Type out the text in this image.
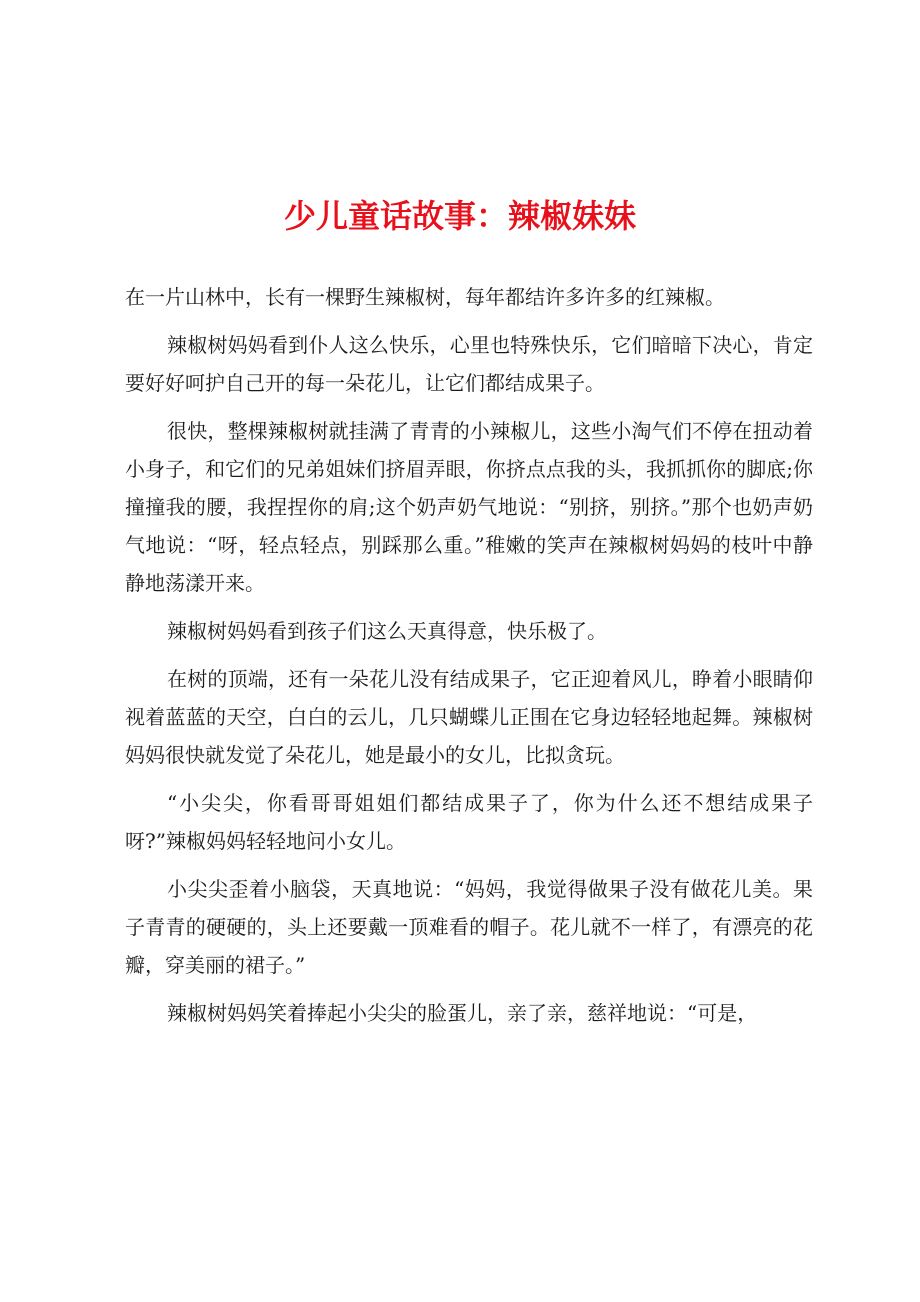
少儿童话故事：辣椒妹妹

在一片山林中，长有一棵野生辣椒树，每年都结许多许多的红辣椒。

辣椒树妈妈看到仆人这么快乐，心里也特殊快乐，它们暗暗下决心，肯定要好好呵护自己开的每一朵花儿，让它们都结成果子。

很快，整棵辣椒树就挂满了青青的小辣椒儿，这些小淘气们不停在扭动着小身子，和它们的兄弟姐妹们挤眉弄眼，你挤点点我的头，我抓抓你的脚底;你撞撞我的腰，我捏捏你的肩;这个奶声奶气地说：“别挤，别挤。”那个也奶声奶气地说：“呀，轻点轻点，别踩那么重。”稚嫩的笑声在辣椒树妈妈的枝叶中静静地荡漾开来。

辣椒树妈妈看到孩子们这么天真得意，快乐极了。

在树的顶端，还有一朵花儿没有结成果子，它正迎着风儿，睁着小眼睛仰视着蓝蓝的天空，白白的云儿，几只蝴蝶儿正围在它身边轻轻地起舞。辣椒树妈妈很快就发觉了朵花儿，她是最小的女儿，比拟贪玩。

“小尖尖，你看哥哥姐姐们都结成果子了，你为什么还不想结成果子呀?”辣椒妈妈轻轻地问小女儿。

小尖尖歪着小脑袋，天真地说：“妈妈，我觉得做果子没有做花儿美。果子青青的硬硬的，头上还要戴一顶难看的帽子。花儿就不一样了，有漂亮的花瓣，穿美丽的裙子。”

辣椒树妈妈笑着捧起小尖尖的脸蛋儿，亲了亲，慈祥地说：“可是，
